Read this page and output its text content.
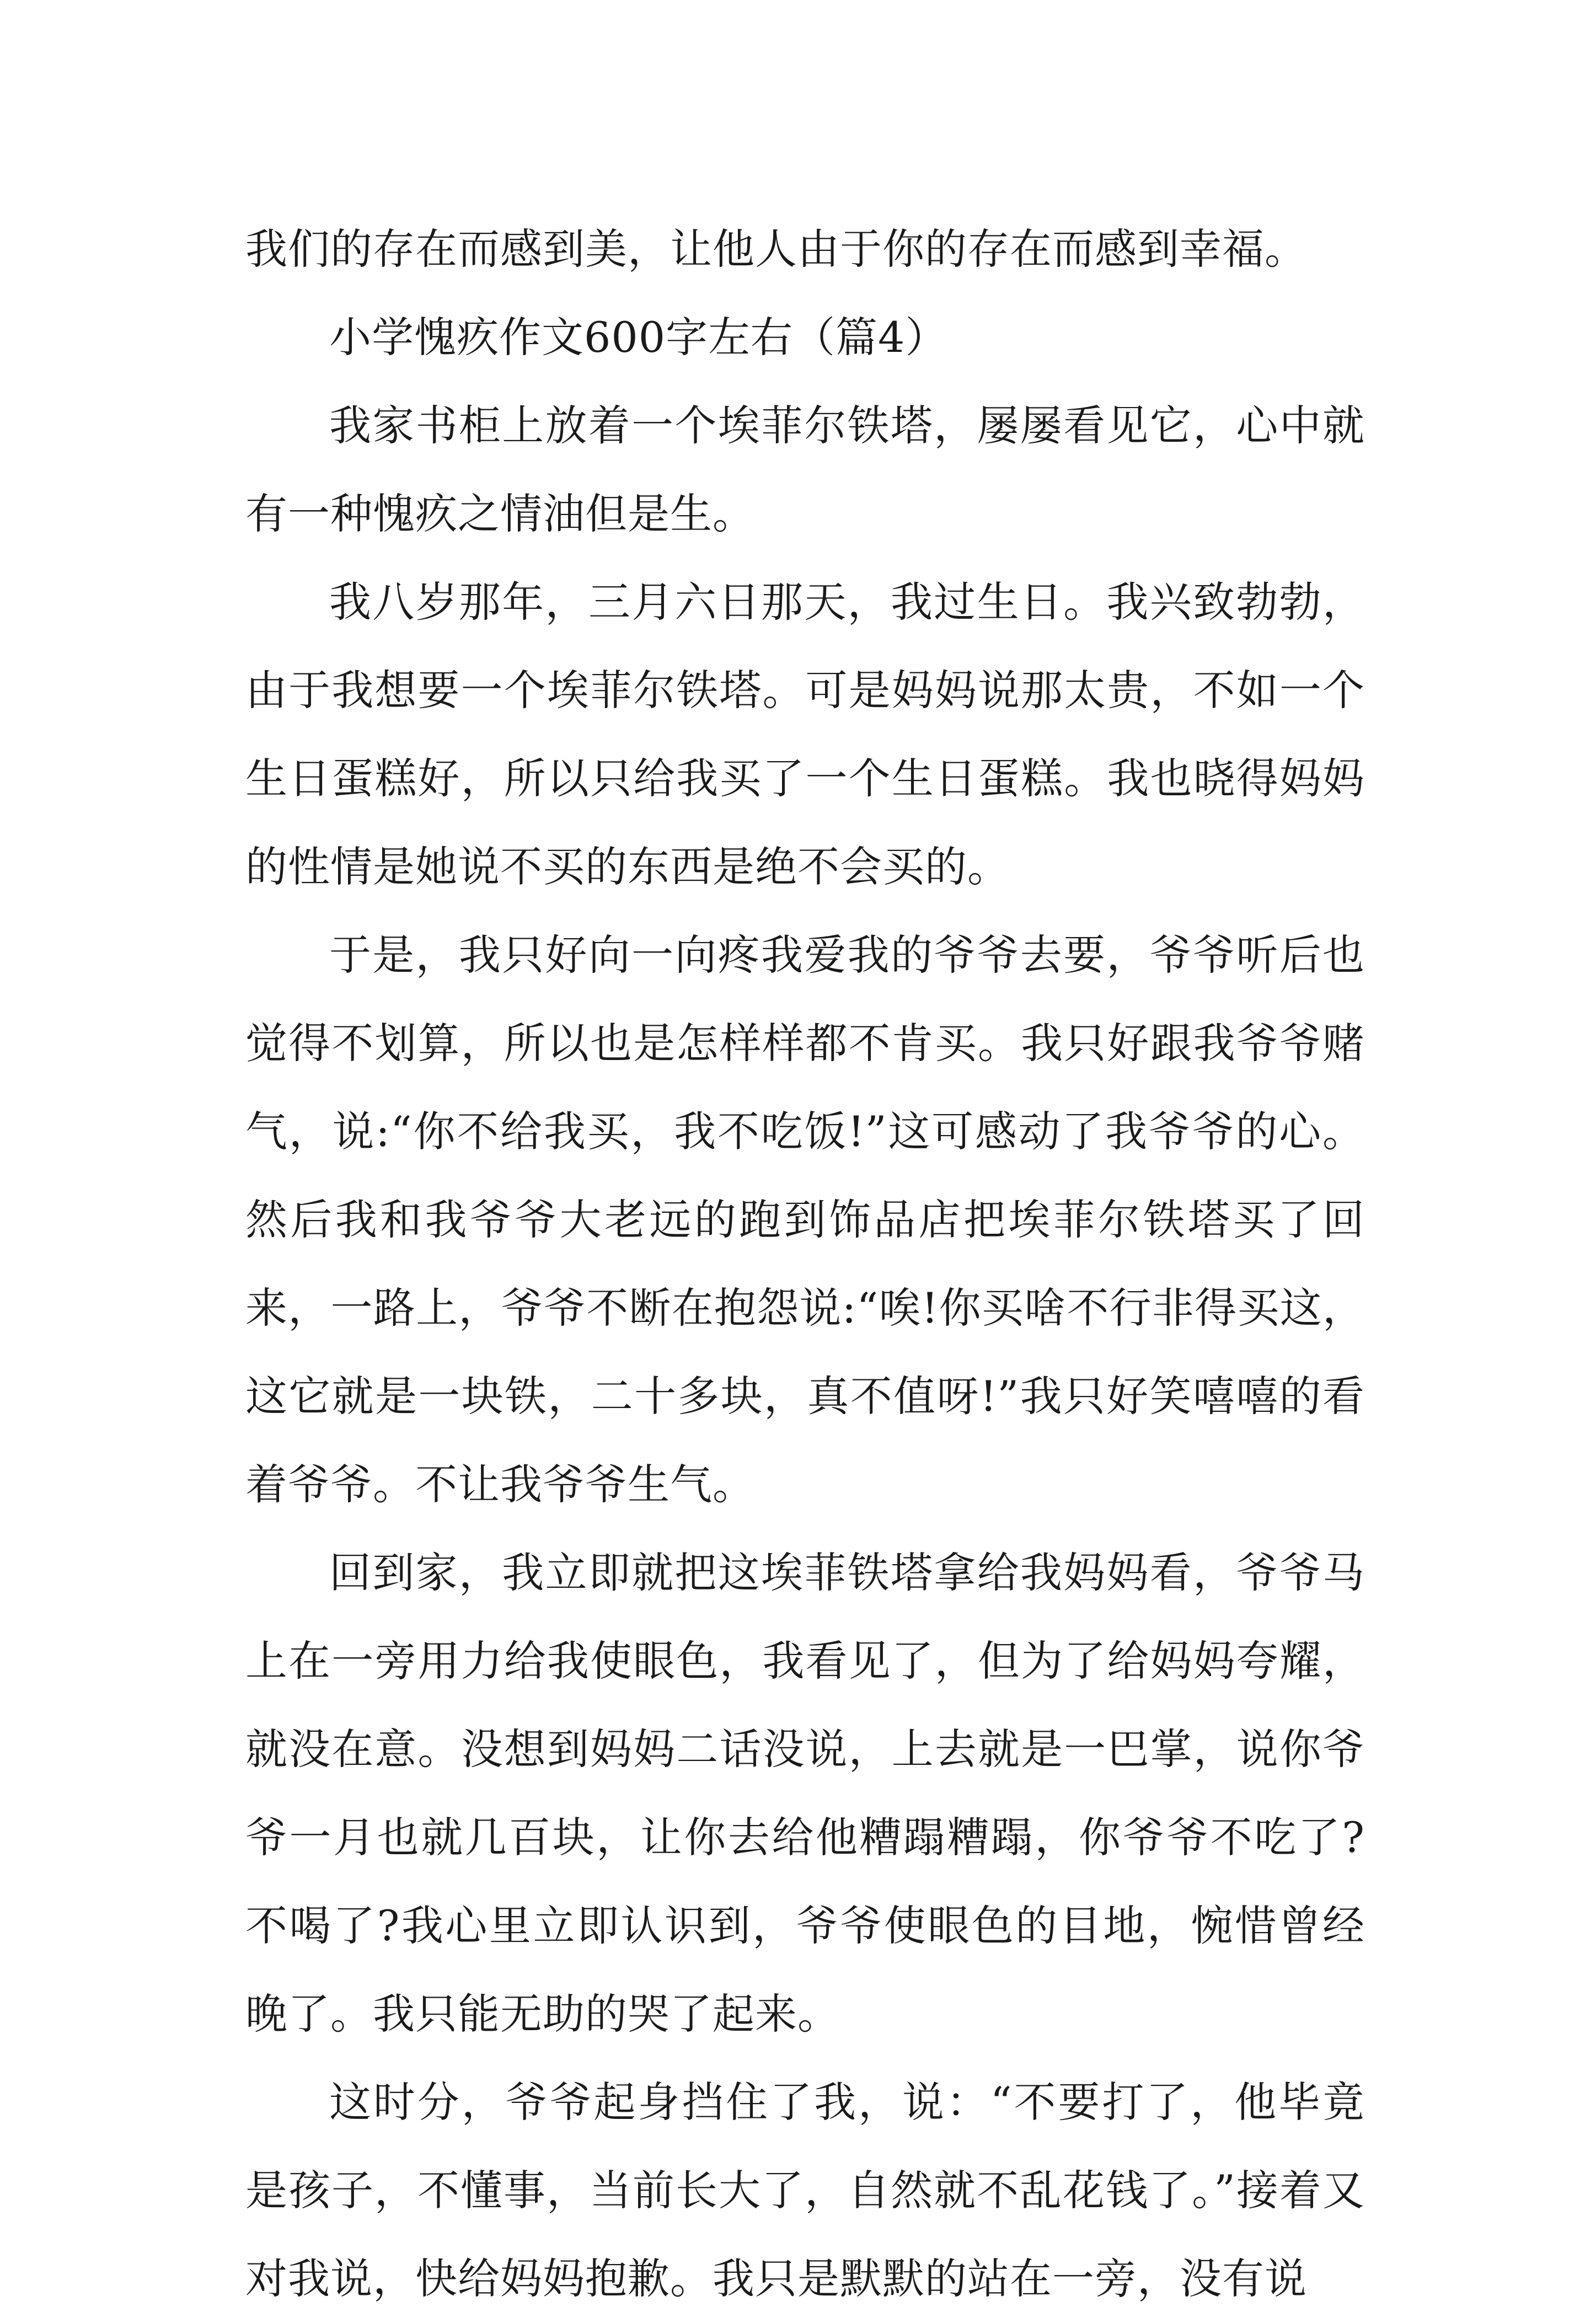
我们的存在而感到美，让他人由于你的存在而感到幸福。

小学愧疚作文600字左右（篇4）

我家书柜上放着一个埃菲尔铁塔，屡屡看见它，心中就有一种愧疚之情油但是生。

我八岁那年，三月六日那天，我过生日。我兴致勃勃，由于我想要一个埃菲尔铁塔。可是妈妈说那太贵，不如一个生日蛋糕好，所以只给我买了一个生日蛋糕。我也晓得妈妈的性情是她说不买的东西是绝不会买的。

于是，我只好向一向疼我爱我的爷爷去要，爷爷听后也觉得不划算，所以也是怎样样都不肯买。我只好跟我爷爷赌气，说:“你不给我买，我不吃饭!”这可感动了我爷爷的心。然后我和我爷爷大老远的跑到饰品店把埃菲尔铁塔买了回来，一路上，爷爷不断在抱怨说:“唉!你买啥不行非得买这，这它就是一块铁，二十多块，真不值呀!”我只好笑嘻嘻的看着爷爷。不让我爷爷生气。

回到家，我立即就把这埃菲铁塔拿给我妈妈看，爷爷马上在一旁用力给我使眼色，我看见了，但为了给妈妈夸耀，就没在意。没想到妈妈二话没说，上去就是一巴掌，说你爷爷一月也就几百块，让你去给他糟蹋糟蹋，你爷爷不吃了?不喝了?我心里立即认识到，爷爷使眼色的目地，惋惜曾经晚了。我只能无助的哭了起来。

这时分，爷爷起身挡住了我，说：“不要打了，他毕竟是孩子，不懂事，当前长大了，自然就不乱花钱了。”接着又对我说，快给妈妈抱歉。我只是默默的站在一旁，没有说
